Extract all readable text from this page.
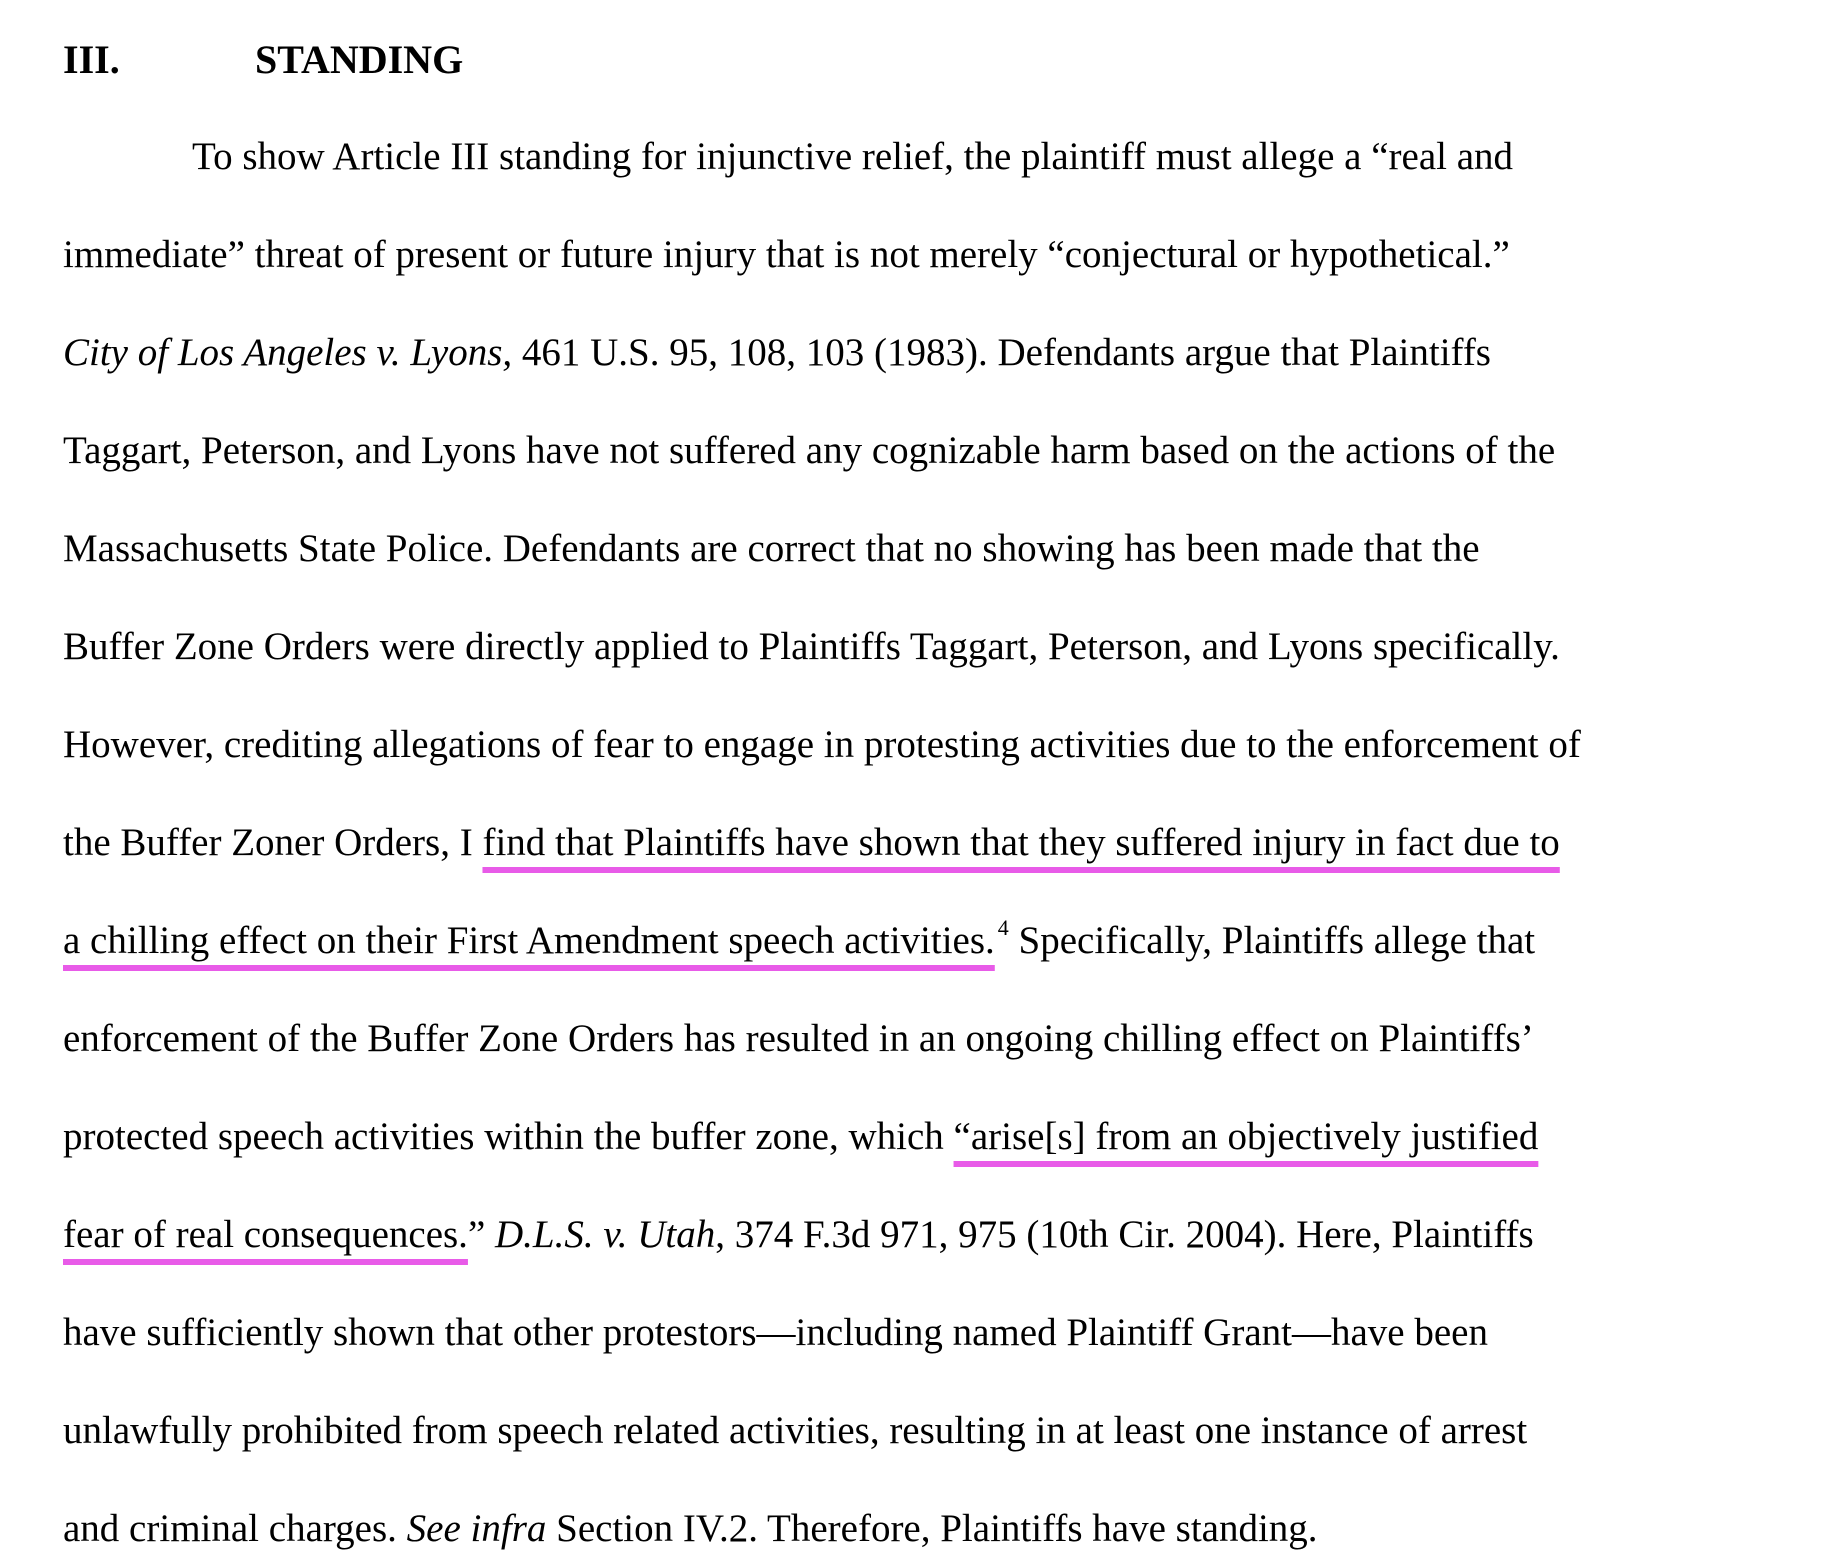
III.	STANDING
To show Article III standing for injunctive relief, the plaintiff must allege a “real and
immediate” threat of present or future injury that is not merely “conjectural or hypothetical.”
City of Los Angeles v. Lyons, 461 U.S. 95, 108, 103 (1983). Defendants argue that Plaintiffs
Taggart, Peterson, and Lyons have not suffered any cognizable harm based on the actions of the
Massachusetts State Police. Defendants are correct that no showing has been made that the
Buffer Zone Orders were directly applied to Plaintiffs Taggart, Peterson, and Lyons specifically.
However, crediting allegations of fear to engage in protesting activities due to the enforcement of
the Buffer Zoner Orders, I find that Plaintiffs have shown that they suffered injury in fact due to
a chilling effect on their First Amendment speech activities. $^4$ Specifically, Plaintiffs allege that
enforcement of the Buffer Zone Orders has resulted in an ongoing chilling effect on Plaintiffs’
protected speech activities within the buffer zone, which “arise[s] from an objectively justified
fear of real consequences.” D.L.S. v. Utah, 374 F.3d 971, 975 (10th Cir. 2004). Here, Plaintiffs
have sufficiently shown that other protestors—including named Plaintiff Grant—have been
unlawfully prohibited from speech related activities, resulting in at least one instance of arrest
and criminal charges. See infra Section IV.2. Therefore, Plaintiffs have standing.
